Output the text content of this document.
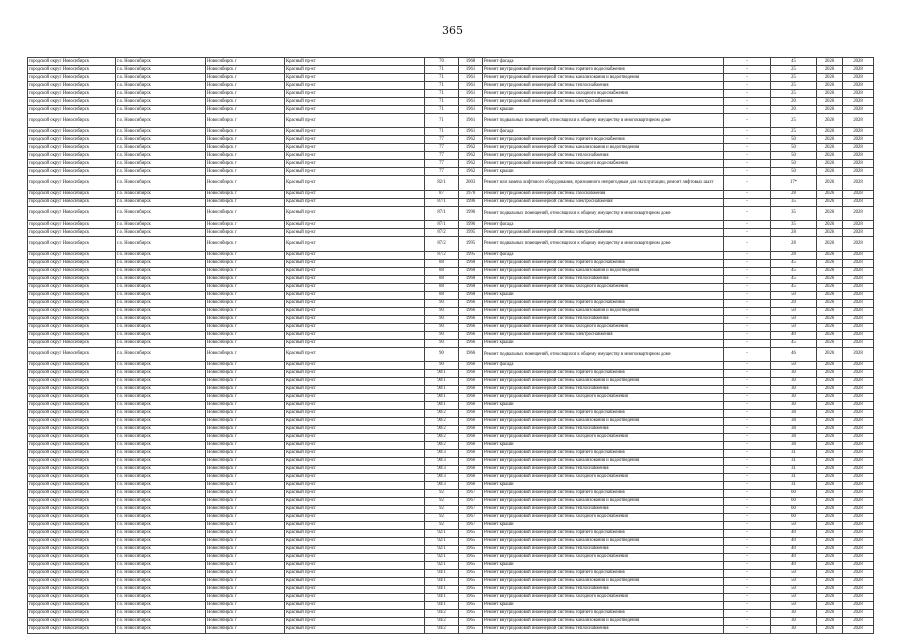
365
городской округ Новосибирск	г.о. Новосибирск	Новосибирск г	Красный пр-кт	70	1968	Ремонт фасада	-	45	2026	2028
городской округ Новосибирск	г.о. Новосибирск	Новосибирск г	Красный пр-кт	71	1961	Ремонт внутридомовой инженерной системы горячего водоснабжения	-	25	2026	2028
городской округ Новосибирск	г.о. Новосибирск	Новосибирск г	Красный пр-кт	71	1961	Ремонт внутридомовой инженерной системы канализования и водоотведения	-	25	2026	2028
городской округ Новосибирск	г.о. Новосибирск	Новосибирск г	Красный пр-кт	71	1961	Ремонт внутридомовой инженерной системы теплоснабжения	-	25	2026	2028
городской округ Новосибирск	г.о. Новосибирск	Новосибирск г	Красный пр-кт	71	1961	Ремонт внутридомовой инженерной системы холодного водоснабжения	-	25	2026	2028
городской округ Новосибирск	г.о. Новосибирск	Новосибирск г	Красный пр-кт	71	1961	Ремонт внутридомовой инженерной системы электроснабжения	-	20	2026	2028
городской округ Новосибирск	г.о. Новосибирск	Новосибирск г	Красный пр-кт	71	1961	Ремонт крыши	-	20	2026	2028
городской округ Новосибирск	г.о. Новосибирск	Новосибирск г	Красный пр-кт	71	1961	Ремонт подвальных помещений, относящихся к общему имуществу в многоквартирном доме	-	25	2026	2028
городской округ Новосибирск	г.о. Новосибирск	Новосибирск г	Красный пр-кт	71	1961	Ремонт фасада	-	25	2026	2028
городской округ Новосибирск	г.о. Новосибирск	Новосибирск г	Красный пр-кт	77	1962	Ремонт внутридомовой инженерной системы горячего водоснабжения	-	50	2026	2028
городской округ Новосибирск	г.о. Новосибирск	Новосибирск г	Красный пр-кт	77	1962	Ремонт внутридомовой инженерной системы канализования и водоотведения	-	50	2026	2028
городской округ Новосибирск	г.о. Новосибирск	Новосибирск г	Красный пр-кт	77	1962	Ремонт внутридомовой инженерной системы теплоснабжения	-	50	2026	2028
городской округ Новосибирск	г.о. Новосибирск	Новосибирск г	Красный пр-кт	77	1962	Ремонт внутридомовой инженерной системы холодного водоснабжения	-	50	2026	2028
городской округ Новосибирск	г.о. Новосибирск	Новосибирск г	Красный пр-кт	77	1962	Ремонт крыши	-	50	2026	2028
городской округ Новосибирск	г.о. Новосибирск	Новосибирск г	Красный пр-кт	82/1	2003	Ремонт или замена лифтового оборудования, признанного непригодным для эксплуатации, ремонт лифтовых шахт	-	17*	2026	2028
городской округ Новосибирск	г.о. Новосибирск	Новосибирск г	Красный пр-кт	87	1970	Ремонт внутридомовой инженерной системы газоснабжения	-	28	2026	2028
городской округ Новосибирск	г.о. Новосибирск	Новосибирск г	Красный пр-кт	87/1	1996	Ремонт внутридомовой инженерной системы электроснабжения	-	35	2026	2028
городской округ Новосибирск	г.о. Новосибирск	Новосибирск г	Красный пр-кт	87/1	1996	Ремонт подвальных помещений, относящихся к общему имуществу в многоквартирном доме	-	35	2026	2028
городской округ Новосибирск	г.о. Новосибирск	Новосибирск г	Красный пр-кт	87/1	1996	Ремонт фасада	-	35	2026	2028
городской округ Новосибирск	г.о. Новосибирск	Новосибирск г	Красный пр-кт	87/2	1995	Ремонт внутридомовой инженерной системы электроснабжения	-	28	2026	2028
городской округ Новосибирск	г.о. Новосибирск	Новосибирск г	Красный пр-кт	87/2	1995	Ремонт подвальных помещений, относящихся к общему имуществу в многоквартирном доме	-	28	2026	2028
городской округ Новосибирск	г.о. Новосибирск	Новосибирск г	Красный пр-кт	87/2	1995	Ремонт фасада	-	28	2026	2028
городской округ Новосибирск	г.о. Новосибирск	Новосибирск г	Красный пр-кт	88	1968	Ремонт внутридомовой инженерной системы горячего водоснабжения	-	45	2026	2028
городской округ Новосибирск	г.о. Новосибирск	Новосибирск г	Красный пр-кт	88	1968	Ремонт внутридомовой инженерной системы канализования и водоотведения	-	45	2026	2028
городской округ Новосибирск	г.о. Новосибирск	Новосибирск г	Красный пр-кт	88	1968	Ремонт внутридомовой инженерной системы теплоснабжения	-	45	2026	2028
городской округ Новосибирск	г.о. Новосибирск	Новосибирск г	Красный пр-кт	88	1968	Ремонт внутридомовой инженерной системы холодного водоснабжения	-	45	2026	2028
городской округ Новосибирск	г.о. Новосибирск	Новосибирск г	Красный пр-кт	88	1968	Ремонт крыши	-	50	2026	2028
городской округ Новосибирск	г.о. Новосибирск	Новосибирск г	Красный пр-кт	90	1966	Ремонт внутридомовой инженерной системы горячего водоснабжения	-	20	2026	2028
городской округ Новосибирск	г.о. Новосибирск	Новосибирск г	Красный пр-кт	90	1966	Ремонт внутридомовой инженерной системы канализования и водоотведения	-	50	2026	2028
городской округ Новосибирск	г.о. Новосибирск	Новосибирск г	Красный пр-кт	90	1966	Ремонт внутридомовой инженерной системы теплоснабжения	-	50	2026	2028
городской округ Новосибирск	г.о. Новосибирск	Новосибирск г	Красный пр-кт	90	1966	Ремонт внутридомовой инженерной системы холодного водоснабжения	-	50	2026	2028
городской округ Новосибирск	г.о. Новосибирск	Новосибирск г	Красный пр-кт	90	1966	Ремонт внутридомовой инженерной системы электроснабжения	-	40	2026	2028
городской округ Новосибирск	г.о. Новосибирск	Новосибирск г	Красный пр-кт	90	1966	Ремонт крыши	-	45	2026	2028
городской округ Новосибирск	г.о. Новосибирск	Новосибирск г	Красный пр-кт	90	1966	Ремонт подвальных помещений, относящихся к общему имуществу в многоквартирном доме	-	46	2026	2028
городской округ Новосибирск	г.о. Новосибирск	Новосибирск г	Красный пр-кт	90	1966	Ремонт фасада	-	50	2026	2028
городской округ Новосибирск	г.о. Новосибирск	Новосибирск г	Красный пр-кт	90/1	1966	Ремонт внутридомовой инженерной системы горячего водоснабжения	-	30	2026	2028
городской округ Новосибирск	г.о. Новосибирск	Новосибирск г	Красный пр-кт	90/1	1966	Ремонт внутридомовой инженерной системы канализования и водоотведения	-	30	2026	2028
городской округ Новосибирск	г.о. Новосибирск	Новосибирск г	Красный пр-кт	90/1	1966	Ремонт внутридомовой инженерной системы теплоснабжения	-	30	2026	2028
городской округ Новосибирск	г.о. Новосибирск	Новосибирск г	Красный пр-кт	90/1	1966	Ремонт внутридомовой инженерной системы холодного водоснабжения	-	30	2026	2028
городской округ Новосибирск	г.о. Новосибирск	Новосибирск г	Красный пр-кт	90/1	1966	Ремонт крыши	-	30	2026	2028
городской округ Новосибирск	г.о. Новосибирск	Новосибирск г	Красный пр-кт	90/2	1966	Ремонт внутридомовой инженерной системы горячего водоснабжения	-	38	2026	2028
городской округ Новосибирск	г.о. Новосибирск	Новосибирск г	Красный пр-кт	90/2	1966	Ремонт внутридомовой инженерной системы канализования и водоотведения	-	38	2026	2028
городской округ Новосибирск	г.о. Новосибирск	Новосибирск г	Красный пр-кт	90/2	1966	Ремонт внутридомовой инженерной системы теплоснабжения	-	38	2026	2028
городской округ Новосибирск	г.о. Новосибирск	Новосибирск г	Красный пр-кт	90/2	1966	Ремонт внутридомовой инженерной системы холодного водоснабжения	-	38	2026	2028
городской округ Новосибирск	г.о. Новосибирск	Новосибирск г	Красный пр-кт	90/2	1966	Ремонт крыши	-	38	2026	2028
городской округ Новосибирск	г.о. Новосибирск	Новосибирск г	Красный пр-кт	90/3	1966	Ремонт внутридомовой инженерной системы горячего водоснабжения	-	31	2026	2028
городской округ Новосибирск	г.о. Новосибирск	Новосибирск г	Красный пр-кт	90/3	1966	Ремонт внутридомовой инженерной системы канализования и водоотведения	-	31	2026	2028
городской округ Новосибирск	г.о. Новосибирск	Новосибирск г	Красный пр-кт	90/3	1966	Ремонт внутридомовой инженерной системы теплоснабжения	-	31	2026	2028
городской округ Новосибирск	г.о. Новосибирск	Новосибирск г	Красный пр-кт	90/3	1966	Ремонт внутридомовой инженерной системы холодного водоснабжения	-	31	2026	2028
городской округ Новосибирск	г.о. Новосибирск	Новосибирск г	Красный пр-кт	90/3	1966	Ремонт крыши	-	31	2026	2028
городской округ Новосибирск	г.о. Новосибирск	Новосибирск г	Красный пр-кт	92	1967	Ремонт внутридомовой инженерной системы горячего водоснабжения	-	60	2026	2028
городской округ Новосибирск	г.о. Новосибирск	Новосибирск г	Красный пр-кт	92	1967	Ремонт внутридомовой инженерной системы канализования и водоотведения	-	60	2026	2028
городской округ Новосибирск	г.о. Новосибирск	Новосибирск г	Красный пр-кт	92	1967	Ремонт внутридомовой инженерной системы теплоснабжения	-	60	2026	2028
городской округ Новосибирск	г.о. Новосибирск	Новосибирск г	Красный пр-кт	92	1967	Ремонт внутридомовой инженерной системы холодного водоснабжения	-	60	2026	2028
городской округ Новосибирск	г.о. Новосибирск	Новосибирск г	Красный пр-кт	92	1967	Ремонт крыши	-	50	2026	2028
городской округ Новосибирск	г.о. Новосибирск	Новосибирск г	Красный пр-кт	92/1	1965	Ремонт внутридомовой инженерной системы горячего водоснабжения	-	40	2026	2028
городской округ Новосибирск	г.о. Новосибирск	Новосибирск г	Красный пр-кт	92/1	1965	Ремонт внутридомовой инженерной системы канализования и водоотведения	-	40	2026	2028
городской округ Новосибирск	г.о. Новосибирск	Новосибирск г	Красный пр-кт	92/1	1965	Ремонт внутридомовой инженерной системы теплоснабжения	-	40	2026	2028
городской округ Новосибирск	г.о. Новосибирск	Новосибирск г	Красный пр-кт	92/1	1965	Ремонт внутридомовой инженерной системы холодного водоснабжения	-	40	2026	2028
городской округ Новосибирск	г.о. Новосибирск	Новосибирск г	Красный пр-кт	92/1	1965	Ремонт крыши	-	40	2026	2028
городской округ Новосибирск	г.о. Новосибирск	Новосибирск г	Красный пр-кт	94/1	1965	Ремонт внутридомовой инженерной системы горячего водоснабжения	-	50	2026	2028
городской округ Новосибирск	г.о. Новосибирск	Новосибирск г	Красный пр-кт	94/1	1965	Ремонт внутридомовой инженерной системы канализования и водоотведения	-	50	2026	2028
городской округ Новосибирск	г.о. Новосибирск	Новосибирск г	Красный пр-кт	94/1	1965	Ремонт внутридомовой инженерной системы теплоснабжения	-	50	2026	2028
городской округ Новосибирск	г.о. Новосибирск	Новосибирск г	Красный пр-кт	94/1	1965	Ремонт внутридомовой инженерной системы холодного водоснабжения	-	50	2026	2028
городской округ Новосибирск	г.о. Новосибирск	Новосибирск г	Красный пр-кт	94/1	1965	Ремонт крыши	-	50	2026	2028
городской округ Новосибирск	г.о. Новосибирск	Новосибирск г	Красный пр-кт	94/2	1965	Ремонт внутридомовой инженерной системы горячего водоснабжения	-	30	2026	2028
городской округ Новосибирск	г.о. Новосибирск	Новосибирск г	Красный пр-кт	94/2	1965	Ремонт внутридомовой инженерной системы канализования и водоотведения	-	30	2026	2028
городской округ Новосибирск	г.о. Новосибирск	Новосибирск г	Красный пр-кт	94/2	1965	Ремонт внутридомовой инженерной системы теплоснабжения	-	30	2026	2028
